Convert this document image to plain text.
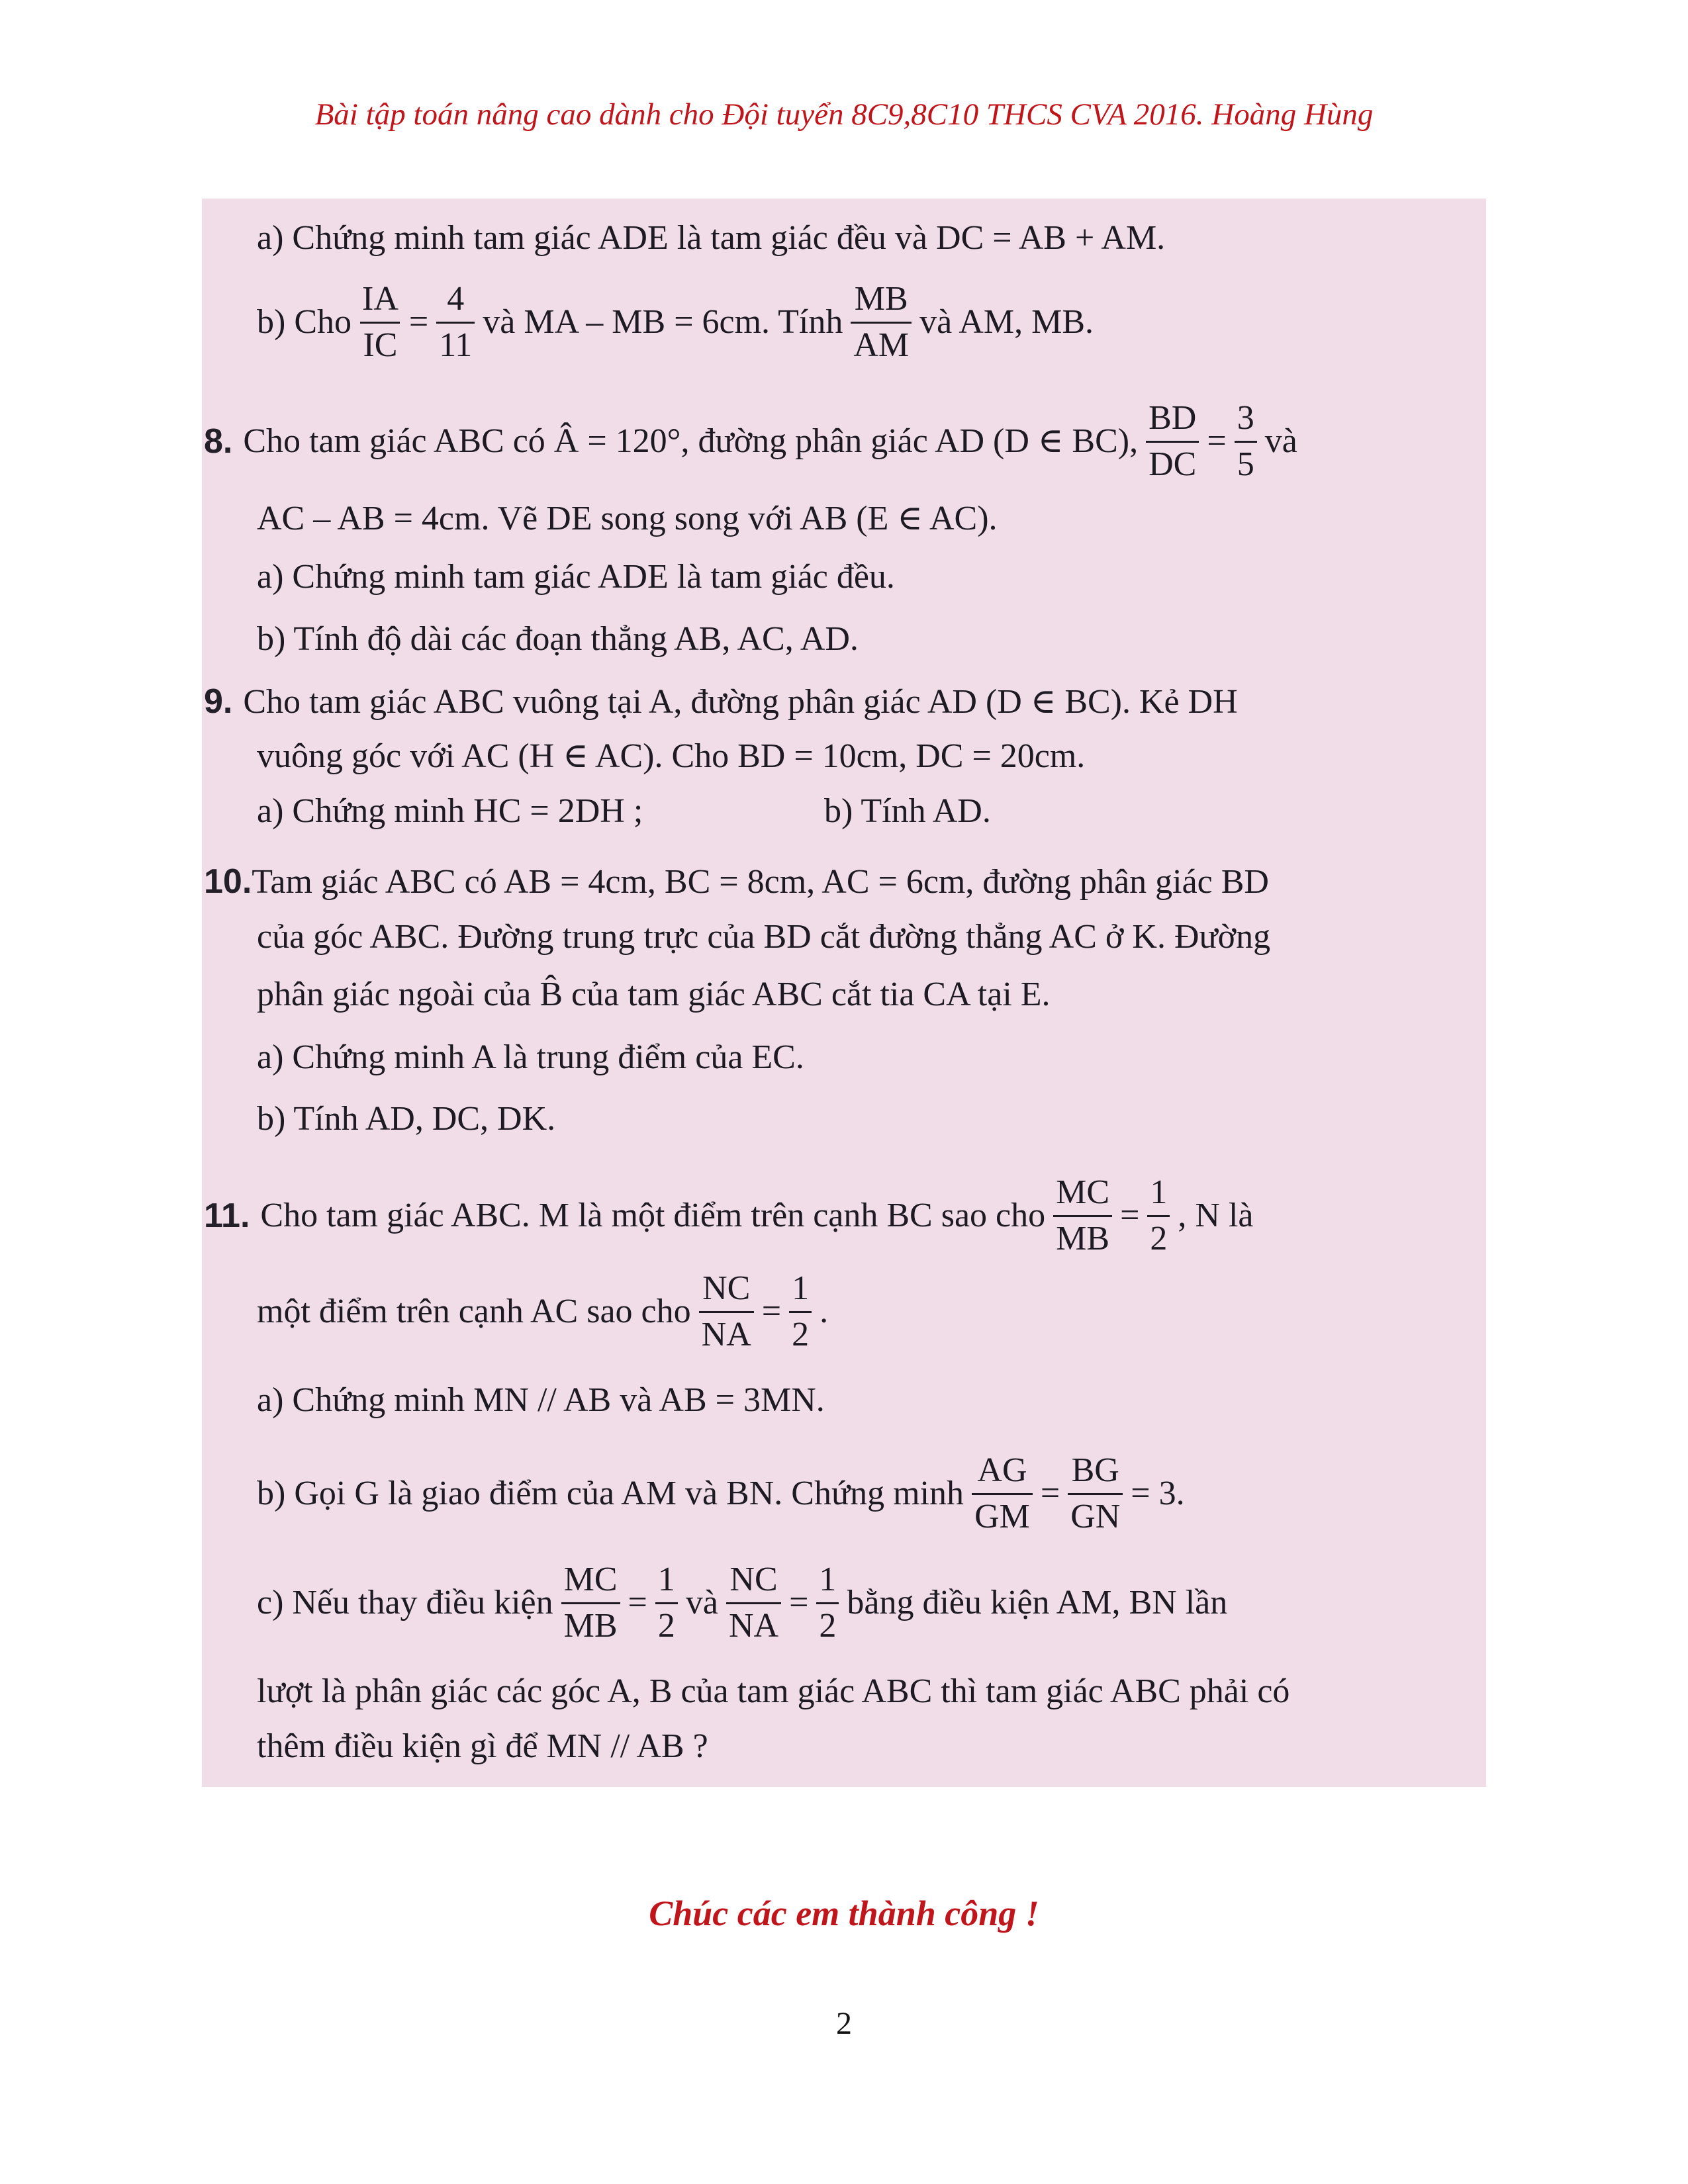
Bài tập toán nâng cao dành cho Đội tuyển 8C9,8C10 THCS CVA 2016. Hoàng Hùng

a) Chứng minh tam giác ADE là tam giác đều và DC = AB + AM.
b) Cho $\frac{IA}{IC} = \frac{4}{11}$ và MA – MB = 6cm. Tính $\frac{MB}{AM}$ và AM, MB.
8. Cho tam giác ABC có Â = 120°, đường phân giác AD (D ∈ BC), $\frac{BD}{DC} = \frac{3}{5}$ và
AC – AB = 4cm. Vẽ DE song song với AB (E ∈ AC).
a) Chứng minh tam giác ADE là tam giác đều.
b) Tính độ dài các đoạn thẳng AB, AC, AD.
9. Cho tam giác ABC vuông tại A, đường phân giác AD (D ∈ BC). Kẻ DH
vuông góc với AC (H ∈ AC). Cho BD = 10cm, DC = 20cm.
a) Chứng minh HC = 2DH ;	b) Tính AD.
10.Tam giác ABC có AB = 4cm, BC = 8cm, AC = 6cm, đường phân giác BD
của góc ABC. Đường trung trực của BD cắt đường thẳng AC ở K. Đường
phân giác ngoài của B̂ của tam giác ABC cắt tia CA tại E.
a) Chứng minh A là trung điểm của EC.
b) Tính AD, DC, DK.
11. Cho tam giác ABC. M là một điểm trên cạnh BC sao cho $\frac{MC}{MB} = \frac{1}{2}$ , N là
một điểm trên cạnh AC sao cho $\frac{NC}{NA} = \frac{1}{2}$ .
a) Chứng minh MN // AB và AB = 3MN.
b) Gọi G là giao điểm của AM và BN. Chứng minh $\frac{AG}{GM} = \frac{BG}{GN} = 3$.
c) Nếu thay điều kiện $\frac{MC}{MB} = \frac{1}{2}$ và $\frac{NC}{NA} = \frac{1}{2}$ bằng điều kiện AM, BN lần
lượt là phân giác các góc A, B của tam giác ABC thì tam giác ABC phải có
thêm điều kiện gì để MN // AB ?
Chúc các em thành công !
2
